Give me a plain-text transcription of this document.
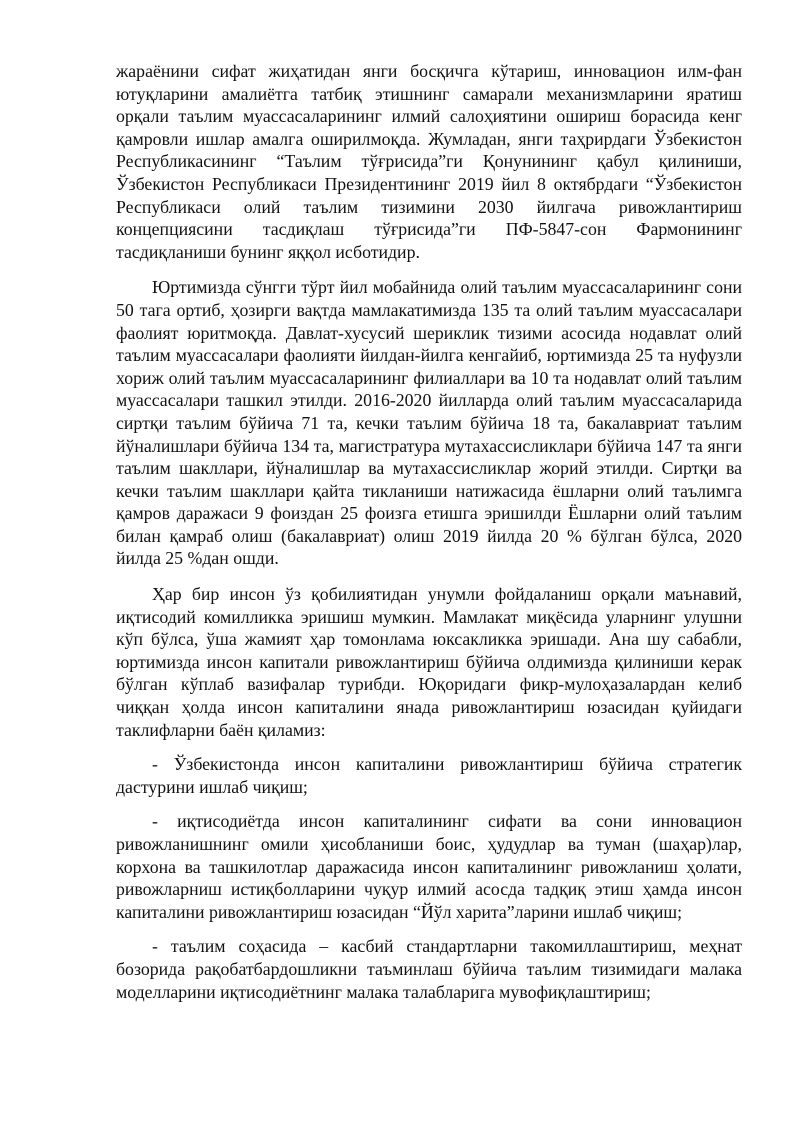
жараёнини сифат жиҳатидан янги босқичга кўтариш, инновацион илм-фан ютуқларини амалиётга татбиқ этишнинг самарали механизмларини яратиш орқали таълим муассасаларининг илмий салоҳиятини ошириш борасида кенг қамровли ишлар амалга оширилмоқда. Жумладан, янги таҳрирдаги Ўзбекистон Республикасининг “Таълим тўғрисида”ги Қонунининг қабул қилиниши, Ўзбекистон Республикаси Президентининг 2019 йил 8 октябрдаги “Ўзбекистон Республикаси олий таълим тизимини 2030 йилгача ривожлантириш концепциясини тасдиқлаш тўғрисида”ги ПФ-5847-сон Фармонининг тасдиқланиши бунинг яққол исботидир.

Юртимизда сўнгги тўрт йил мобайнида олий таълим муассасаларининг сони 50 тага ортиб, ҳозирги вақтда мамлакатимизда 135 та олий таълим муассасалари фаолият юритмоқда. Давлат-хусусий шериклик тизими асосида нодавлат олий таълим муассасалари фаолияти йилдан-йилга кенгайиб, юртимизда 25 та нуфузли хориж олий таълим муассасаларининг филиаллари ва 10 та нодавлат олий таълим муассасалари ташкил этилди. 2016-2020 йилларда олий таълим муассасаларида сиртқи таълим бўйича 71 та, кечки таълим бўйича 18 та, бакалавриат таълим йўналишлари бўйича 134 та, магистратура мутахассисликлари бўйича 147 та янги таълим шакллари, йўналишлар ва мутахассисликлар жорий этилди. Сиртқи ва кечки таълим шакллари қайта тикланиши натижасида ёшларни олий таълимга қамров даражаси 9 фоиздан 25 фоизга етишга эришилди Ёшларни олий таълим билан қамраб олиш (бакалавриат) олиш 2019 йилда 20 % бўлган бўлса, 2020 йилда 25 %дан ошди.

Ҳар бир инсон ўз қобилиятидан унумли фойдаланиш орқали маънавий, иқтисодий комилликка эришиш мумкин. Мамлакат миқёсида уларнинг улушни кўп бўлса, ўша жамият ҳар томонлама юксакликка эришади. Ана шу сабабли, юртимизда инсон капитали ривожлантириш бўйича олдимизда қилиниши керак бўлган кўплаб вазифалар турибди. Юқоридаги фикр-мулоҳазалардан келиб чиққан ҳолда инсон капиталини янада ривожлантириш юзасидан қуйидаги таклифларни баён қиламиз:

- Ўзбекистонда инсон капиталини ривожлантириш бўйича стратегик дастурини ишлаб чиқиш;

- иқтисодиётда инсон капиталининг сифати ва сони инновацион ривожланишнинг омили ҳисобланиши боис, ҳудудлар ва туман (шаҳар)лар, корхона ва ташкилотлар даражасида инсон капиталининг ривожланиш ҳолати, ривожларниш истиқболларини чуқур илмий асосда тадқиқ этиш ҳамда инсон капиталини ривожлантириш юзасидан “Йўл харита”ларини ишлаб чиқиш;

- таълим соҳасида – касбий стандартларни такомиллаштириш, меҳнат бозорида рақобатбардошликни таъминлаш бўйича таълим тизимидаги малака моделларини иқтисодиётнинг малака талабларига мувофиқлаштириш;
